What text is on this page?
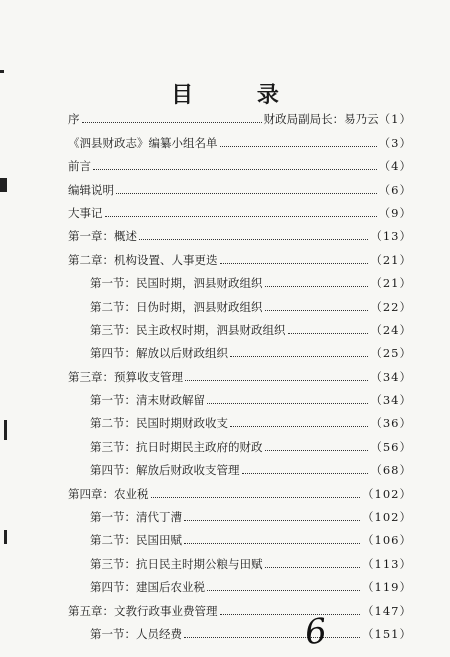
目 录
序	财政局副局长：易乃云 （1）
《泗县财政志》编纂小组名单	（3）
前言	（4）
编辑说明	（6）
大事记	（9）
第一章：概述	（13）
第二章：机构设置、人事更迭	（21）
第一节：民国时期，泗县财政组织	（21）
第二节：日伪时期，泗县财政组织	（22）
第三节：民主政权时期，泗县财政组织	（24）
第四节：解放以后财政组织	（25）
第三章：预算收支管理	（34）
第一节：清末财政解留	（34）
第二节：民国时期财政收支	（36）
第三节：抗日时期民主政府的财政	（56）
第四节：解放后财政收支管理	（68）
第四章：农业税	（102）
第一节：清代丁漕	（102）
第二节：民国田赋	（106）
第三节：抗日民主时期公粮与田赋	（113）
第四节：建国后农业税	（119）
第五章：文教行政事业费管理	（147）
第一节：人员经费	（151）
6
